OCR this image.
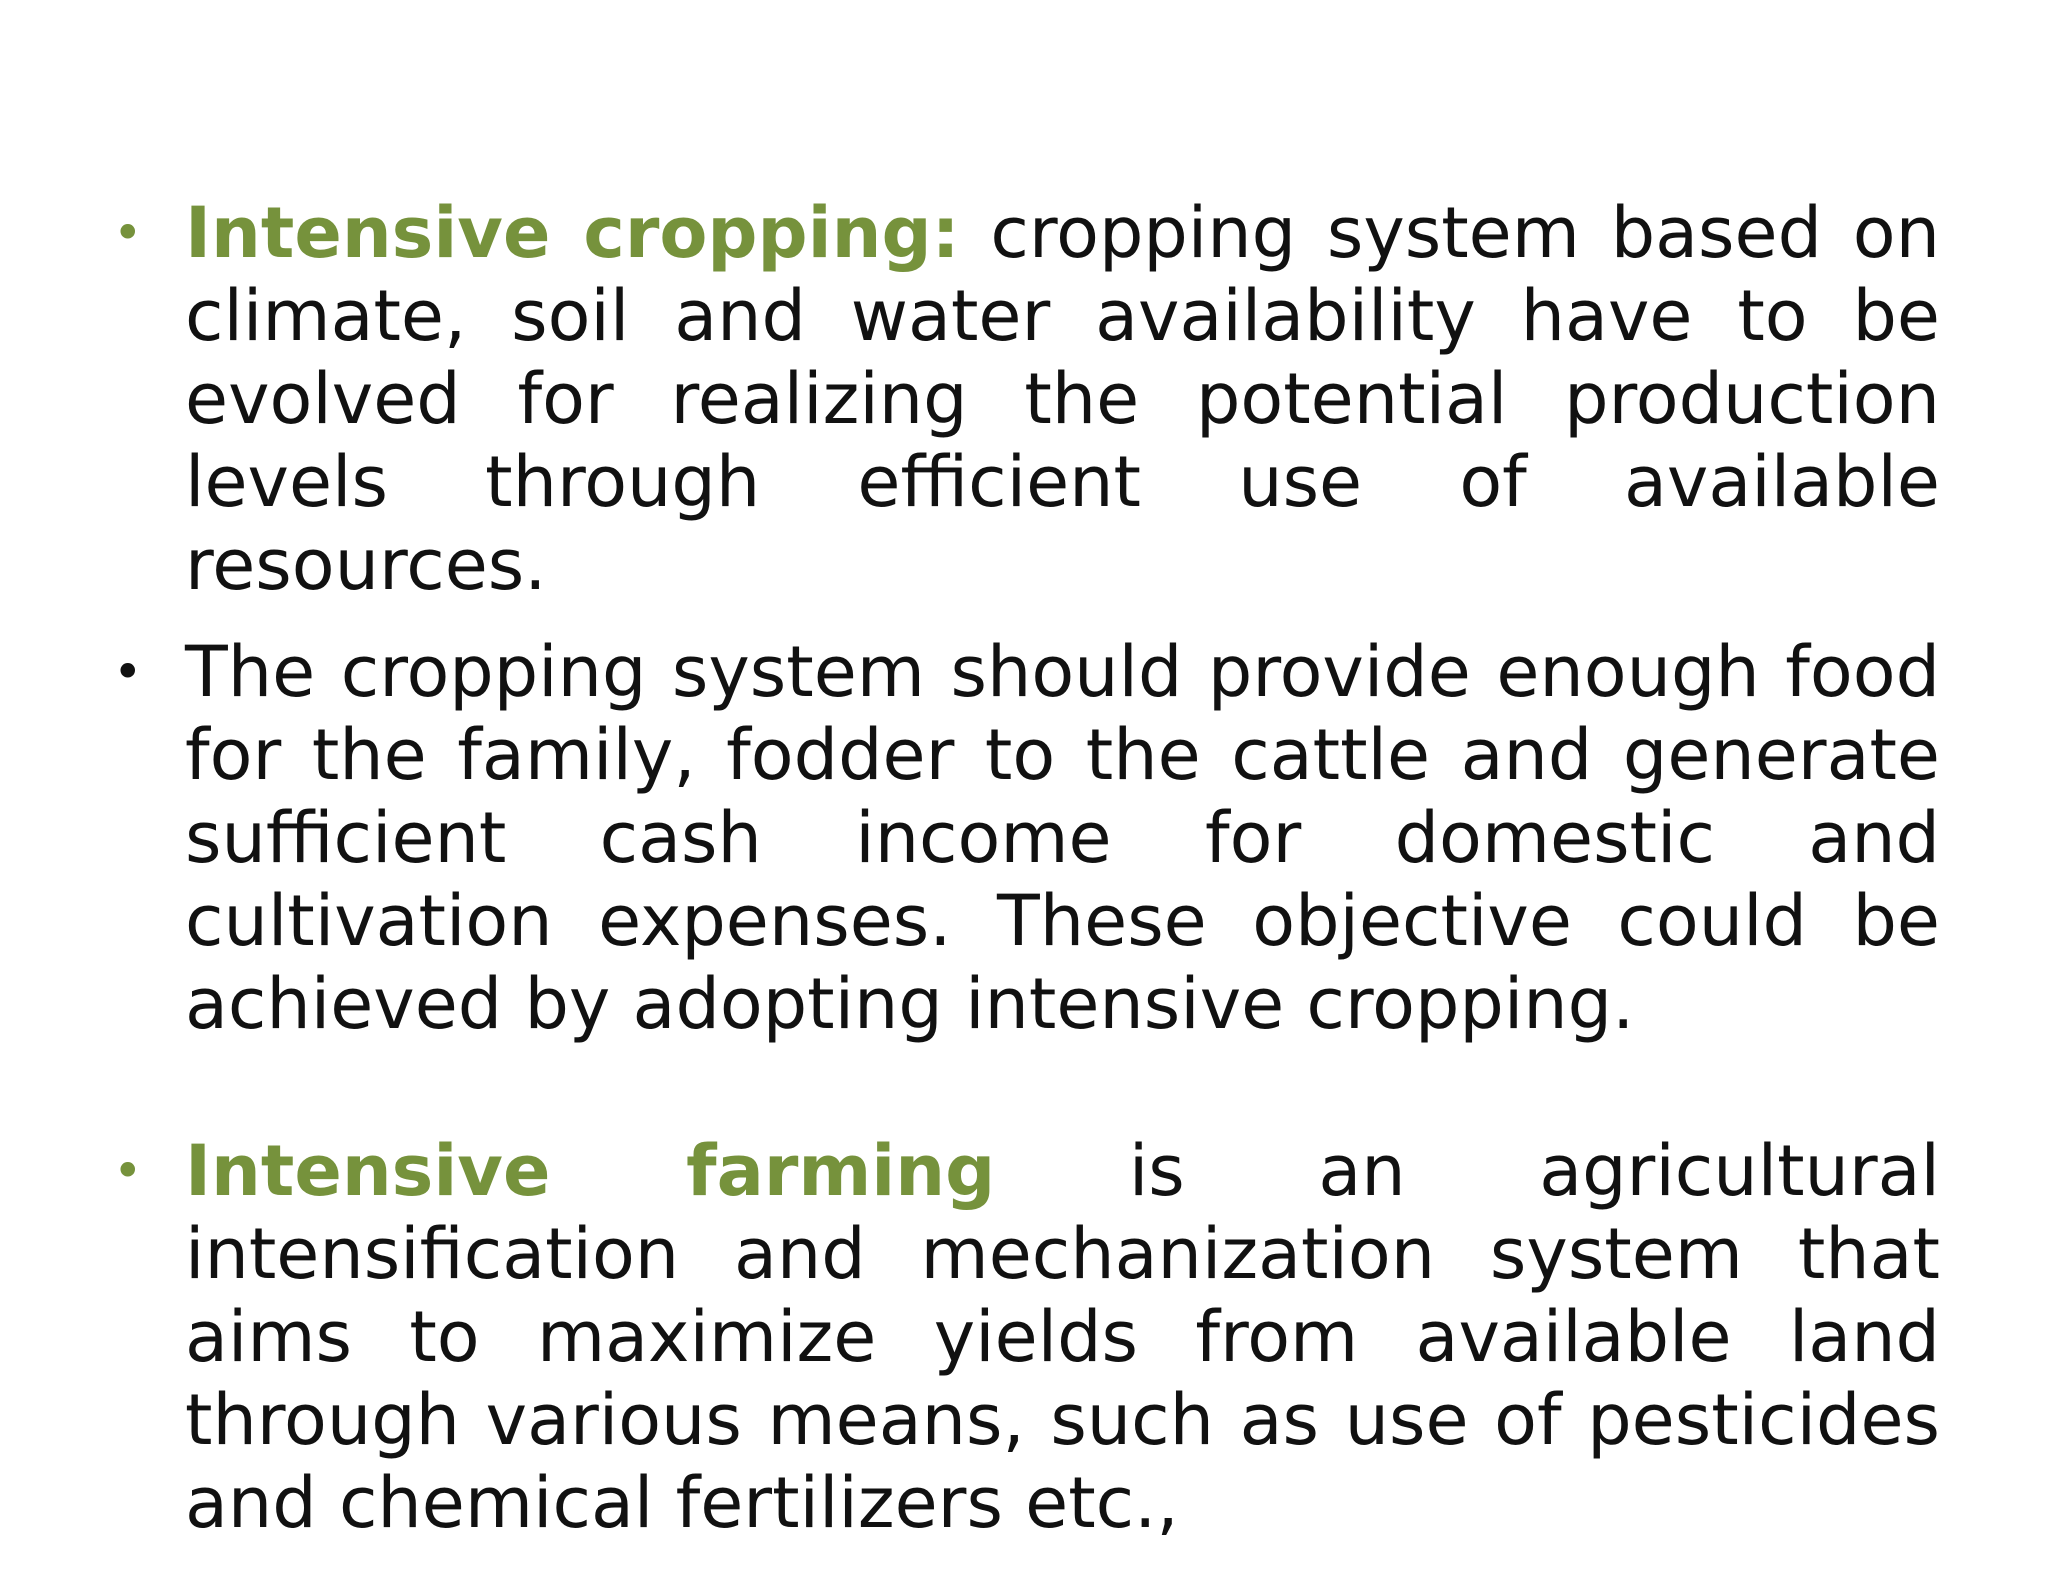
• Intensive cropping: cropping system based on climate, soil and water availability have to be evolved for realizing the potential production levels through efficient use of available resources.
• The cropping system should provide enough food for the family, fodder to the cattle and generate sufficient cash income for domestic and cultivation expenses. These objective could be achieved by adopting intensive cropping.
• Intensive farming is an agricultural intensification and mechanization system that aims to maximize yields from available land through various means, such as use of pesticides and chemical fertilizers etc.,
